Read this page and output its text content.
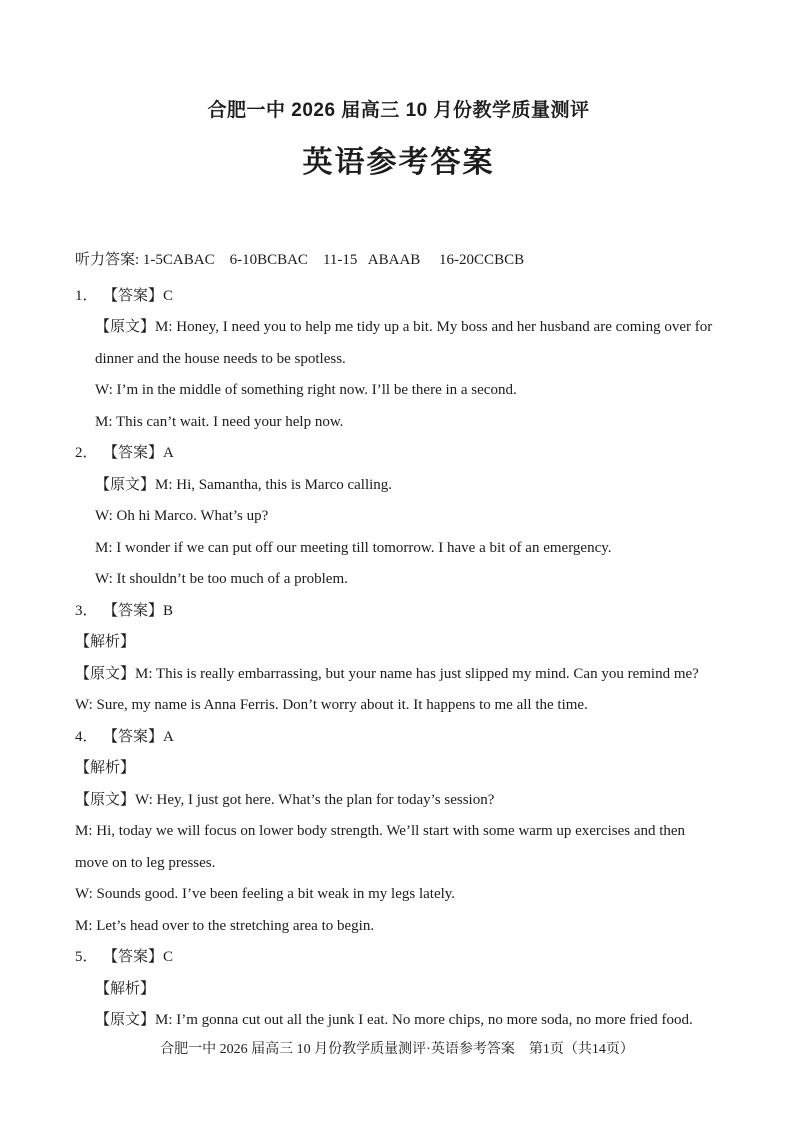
合肥一中 2026 届高三 10 月份教学质量测评
英语参考答案
听力答案: 1-5CABAC    6-10BCBAC    11-15   ABAAB     16-20CCBCB
1． 【答案】C

【原文】M: Honey, I need you to help me tidy up a bit. My boss and her husband are coming over for dinner and the house needs to be spotless.

W: I’m in the middle of something right now. I’ll be there in a second.

M: This can’t wait. I need your help now.

2． 【答案】A

【原文】M: Hi, Samantha, this is Marco calling.

W: Oh hi Marco. What’s up?

M: I wonder if we can put off our meeting till tomorrow. I have a bit of an emergency.

W: It shouldn’t be too much of a problem.

3． 【答案】B

【解析】

【原文】M: This is really embarrassing, but your name has just slipped my mind. Can you remind me?

W: Sure, my name is Anna Ferris. Don’t worry about it. It happens to me all the time.

4． 【答案】A

【解析】

【原文】W: Hey, I just got here. What’s the plan for today’s session?

M: Hi, today we will focus on lower body strength. We’ll start with some warm up exercises and then move on to leg presses.

W: Sounds good. I’ve been feeling a bit weak in my legs lately.

M: Let’s head over to the stretching area to begin.

5． 【答案】C

【解析】

【原文】M: I’m gonna cut out all the junk I eat. No more chips, no more soda, no more fried food.

合肥一中 2026 届高三 10 月份教学质量测评·英语参考答案　第1页（共14页）
